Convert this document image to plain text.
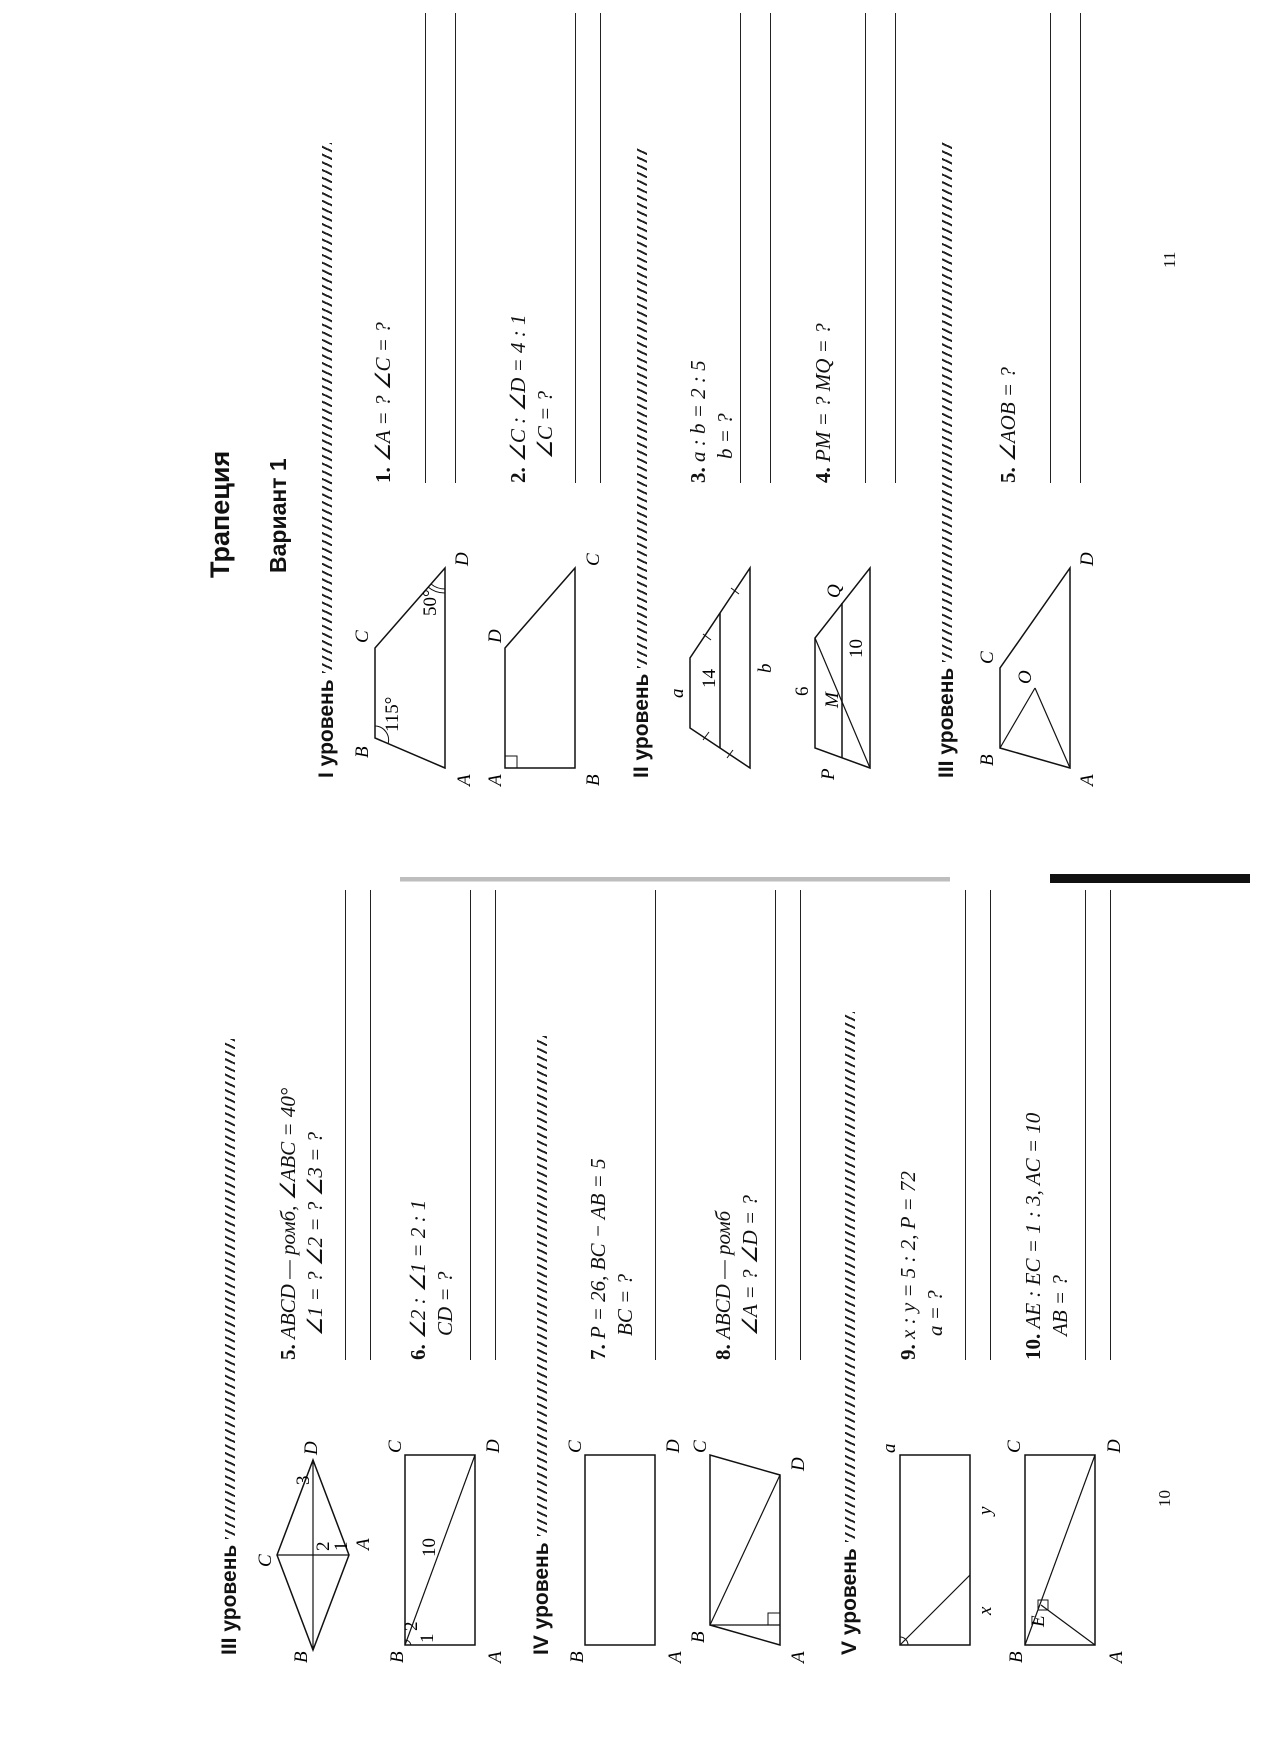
III уровень
B
C
D
A
1
2
3
5. ABCD — ромб, ∠ABC = 40° ∠1 = ? ∠2 = ? ∠3 = ?
A
B
C	D
10
2
1
6. ∠2 : ∠1 = 2 : 1 CD = ?
IV уровень
A
B
C	D
7. P = 26, BC − AB = 5 BC = ?
A
B
C
D
8. ABCD — ромб ∠A = ? ∠D = ?
V уровень	x
y
a
9. x : y = 5 : 2, P = 72 a = ?
A
B
C	D
E
10. AE : EC = 1 : 3, AC = 10 AB = ?
10
Трапеция Вариант 1
I уровень
A
B
C
D
115°
50°
1. ∠A = ? ∠C = ?
A	B
C
D
2. ∠C : ∠D = 4 : 1 ∠C = ?
II уровень a
14
b
3. a : b = 2 : 5 b = ?
P
M
Q
6
10
4. PM = ? MQ = ?
III уровень
A
B
C
D
O
5. ∠AOB = ?
11
